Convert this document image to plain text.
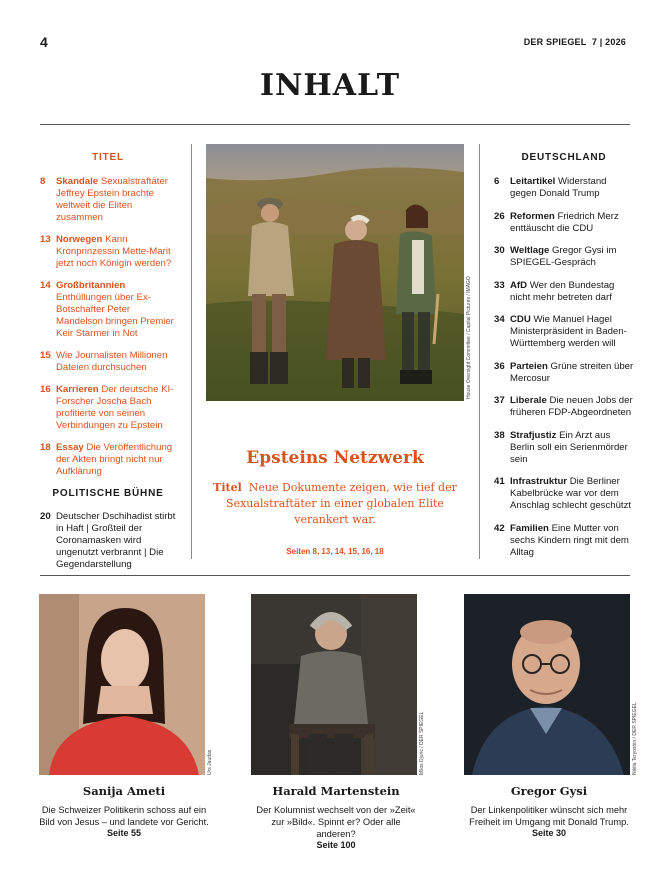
4	DER SPIEGEL 7 | 2026
INHALT
TITEL
8	Skandale Sexualstraftäter Jeffrey Epstein brachte weltweit die Eliten zusammen
13 Norwegen Kann Kronprinzessin Mette-Marit jetzt noch Königin werden?
14 Großbritannien Enthüllungen über Ex-Botschafter Peter Mandelson bringen Premier Keir Starmer in Not
15 Wie Journalisten Millionen Dateien durchsuchen
16 Karrieren Der deutsche KI-Forscher Joscha Bach profitierte von seinen Verbindungen zu Epstein
18 Essay Die Veröffentlichung der Akten bringt nicht nur Aufklärung
POLITISCHE BÜHNE
20 Deutscher Dschihadist stirbt in Haft | Großteil der Coronamasken wird ungenutzt verbrannt | Die Gegendarstellung
House Oversight Committee / Capital Pictures / IMAGO
Epsteins Netzwerk
Titel Neue Dokumente zeigen, wie tief der Sexualstraftäter in einer globalen Elite verankert war.
Seiten 8, 13, 14, 15, 16, 18
DEUTSCHLAND
6	Leitartikel Widerstand gegen Donald Trump
26 Reformen Friedrich Merz enttäuscht die CDU
30 Weltlage Gregor Gysi im SPIEGEL-Gespräch
33 AfD Wer den Bundestag nicht mehr betreten darf
34 CDU Wie Manuel Hagel Ministerpräsident in Baden-Württemberg werden will
36 Parteien Grüne streiten über Mercosur
37 Liberale Die neuen Jobs der früheren FDP-Abgeordneten
38 Strafjustiz Ein Arzt aus Berlin soll ein Serienmörder sein
41 Infrastruktur Die Berliner Kabelbrücke war vor dem Anschlag schlecht geschützt
42 Familien Eine Mutter von sechs Kindern ringt mit dem Alltag
Sanija Ameti
Die Schweizer Politikerin schoss auf ein Bild von Jesus – und landete vor Gericht.
Seite 55
Urs Jaudas
Harald Martenstein
Der Kolumnist wechselt von der »Zeit« zur »Bild«. Spinnt er? Oder alle anderen?
Seite 100
Milos Djuric / DER SPIEGEL
Gregor Gysi
Der Linkenpolitiker wünscht sich mehr Freiheit im Umgang mit Donald Trump.
Seite 30
Nikita Teryoshin / DER SPIEGEL
